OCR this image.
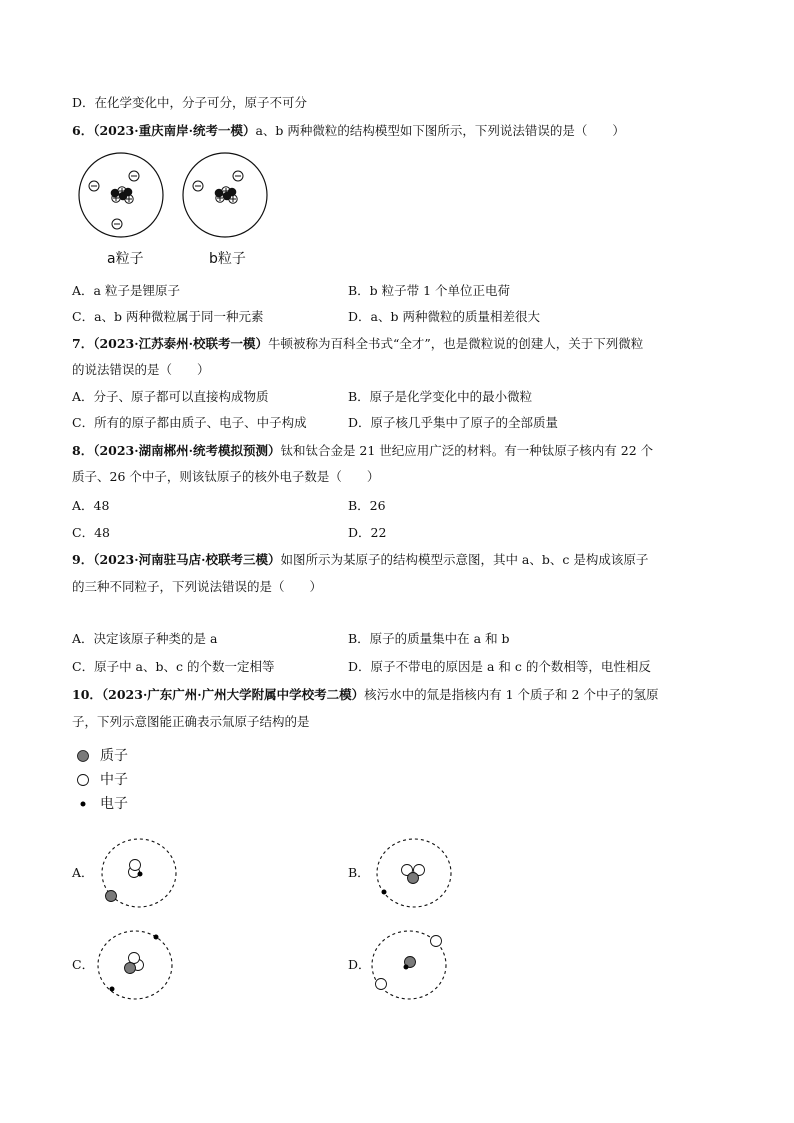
D．在化学变化中，分子可分，原子不可分
6．（2023·重庆南岸·统考一模）a、b 两种微粒的结构模型如下图所示，下列说法错误的是（　　）
a粒子	b粒子
A．a 粒子是锂原子	B．b 粒子带 1 个单位正电荷
C．a、b 两种微粒属于同一种元素	D．a、b 两种微粒的质量相差很大
7．（2023·江苏泰州·校联考一模）牛顿被称为百科全书式“全才”，也是微粒说的创建人，关于下列微粒
的说法错误的是（　　）
A．分子、原子都可以直接构成物质	B．原子是化学变化中的最小微粒
C．所有的原子都由质子、电子、中子构成	D．原子核几乎集中了原子的全部质量
8．（2023·湖南郴州·统考模拟预测）钛和钛合金是 21 世纪应用广泛的材料。有一种钛原子核内有 22 个
质子、26 个中子，则该钛原子的核外电子数是（　　）
A．48	B．26
C．48	D．22
9．（2023·河南驻马店·校联考三模）如图所示为某原子的结构模型示意图，其中 a、b、c 是构成该原子
的三种不同粒子，下列说法错误的是（　　）
A．决定该原子种类的是 a	B．原子的质量集中在 a 和 b
C．原子中 a、b、c 的个数一定相等	D．原子不带电的原因是 a 和 c 的个数相等，电性相反
10．（2023·广东广州·广州大学附属中学校考二模）核污水中的氚是指核内有 1 个质子和 2 个中子的氢原
子，下列示意图能正确表示氚原子结构的是
质子
中子
电子
A．	B．
C．	D．
